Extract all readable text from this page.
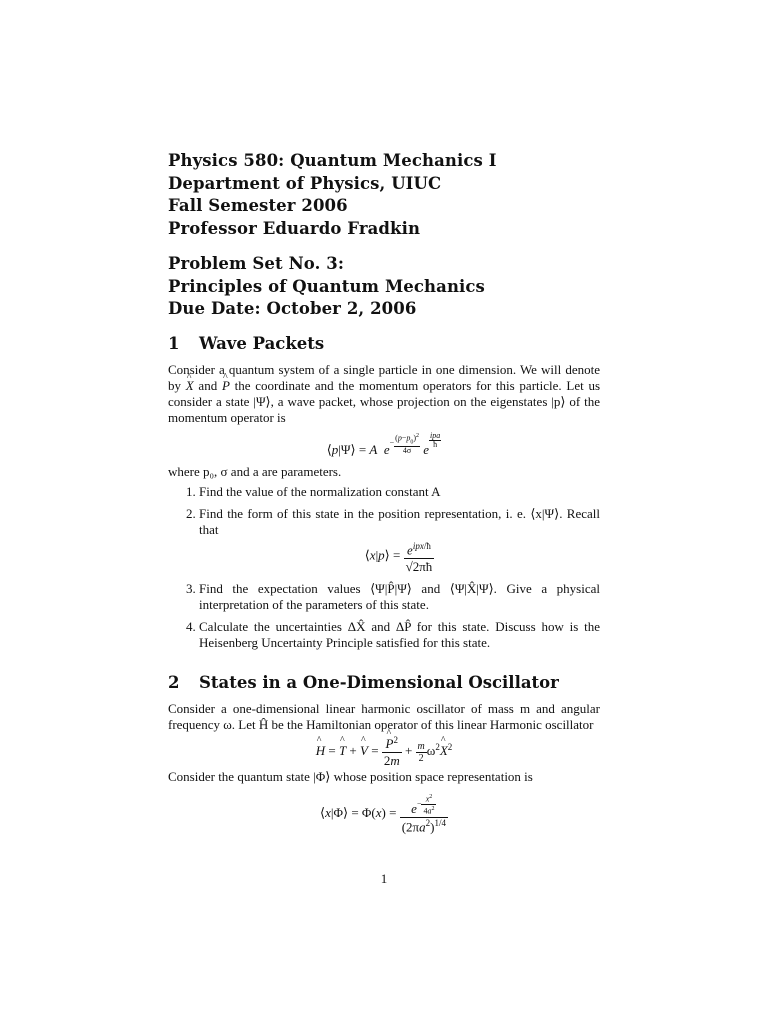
Physics 580: Quantum Mechanics I
Department of Physics, UIUC
Fall Semester 2006
Professor Eduardo Fradkin
Problem Set No. 3:
Principles of Quantum Mechanics
Due Date: October 2, 2006
1 Wave Packets

Consider a quantum system of a single particle in one dimension. We will denote by ^ X and ^ P the coordinate and the momentum operators for this particle. Let us consider a state |Ψ⟩, a wave packet, whose projection on the eigenstates |p⟩ of the momentum operator is

⟨p|Ψ⟩ = A $e- \frac{(p-p_0)^2}{4\sigma}$ e
ipa
ħ

where p₀, σ and a are parameters.

1. Find the value of the normalization constant A
2. Find the form of this state in the position representation, i. e. ⟨x|Ψ⟩. Recall that
⟨x|p⟩ = $\frac{e^{ipx/ħ}}{√2\pi ħ}$
3. Find the expectation values ⟨Ψ|P̂|Ψ⟩ and ⟨Ψ|X̂|Ψ⟩. Give a physical interpretation of the parameters of this state.
4. Calculate the uncertainties ΔX̂ and ΔP̂ for this state. Discuss how is the Heisenberg Uncertainty Principle satisfied for this state.
2 States in a One-Dimensional Oscillator

Consider a one-dimensional linear harmonic oscillator of mass m and angular frequency ω. Let Ĥ be the Hamiltonian operator of this linear Harmonic oscillator

^ H = ^ T + ^ V = ^ $\frac{P^2}{2m} + \frac{m}{2}$ $\omega^2\^{}$ $X^2$

Consider the quantum state |Φ⟩ whose position space representation is

⟨x|Φ⟩ = $\Phi(x) = \frac{e- \frac{x^2}{4a^2}}{(2\pi a^2)^{1/4}}$
1
